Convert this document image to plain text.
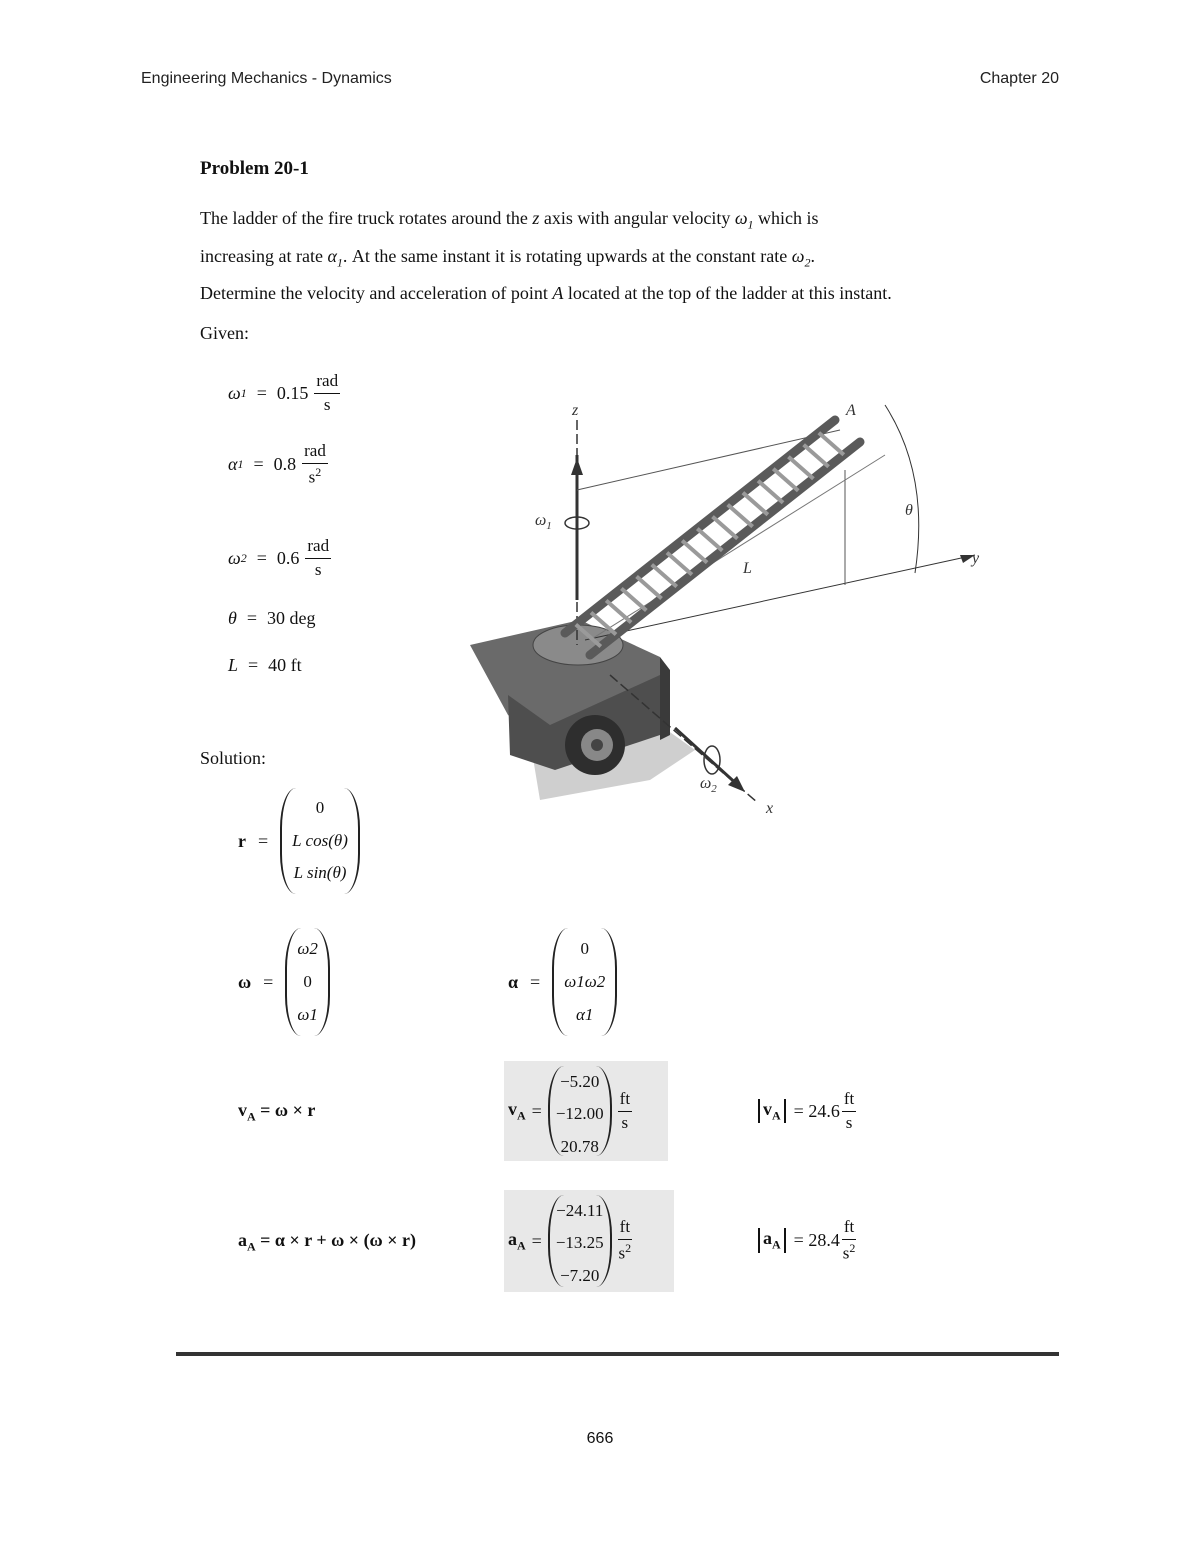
Engineering Mechanics - Dynamics	Chapter 20
Problem 20-1
The ladder of the fire truck rotates around the z axis with angular velocity $\omega_1$ which is
increasing at rate $\alpha_1$. At the same instant it is rotating upwards at the constant rate $\omega_2$.
Determine the velocity and acceleration of point A located at the top of the ladder at this instant.
Given:
ω $1 = 0.15 \frac{\text{rad}}{s}$
α $1 = 0.8 \frac{\text{rad}}{s^2}$
ω $2 = 0.6 \frac{\text{rad}}{s}$
θ = 30 deg
L = 40 ft
z
y
x
A
L
θ
$\omega_1$
$\omega_2$
Solution:
r =
0
L cos(θ)
L sin(θ)
ω =
ω2
0
ω1
α =
0
ω1ω2
α1
$v_A = \omega \times r$	$v_A$ =
−5.20
−12.00
20.78
$\frac{ft}{s}$	$v_A = 24.6 \frac{ft}{s}$
$a_A = \alpha \times r + \omega \times (\omega \times r)$	$a_A$ =
−24.11
−13.25
−7.20
$\frac{ft}{s^2}$	$a_A = 28.4 \frac{ft}{s^2}$
666
